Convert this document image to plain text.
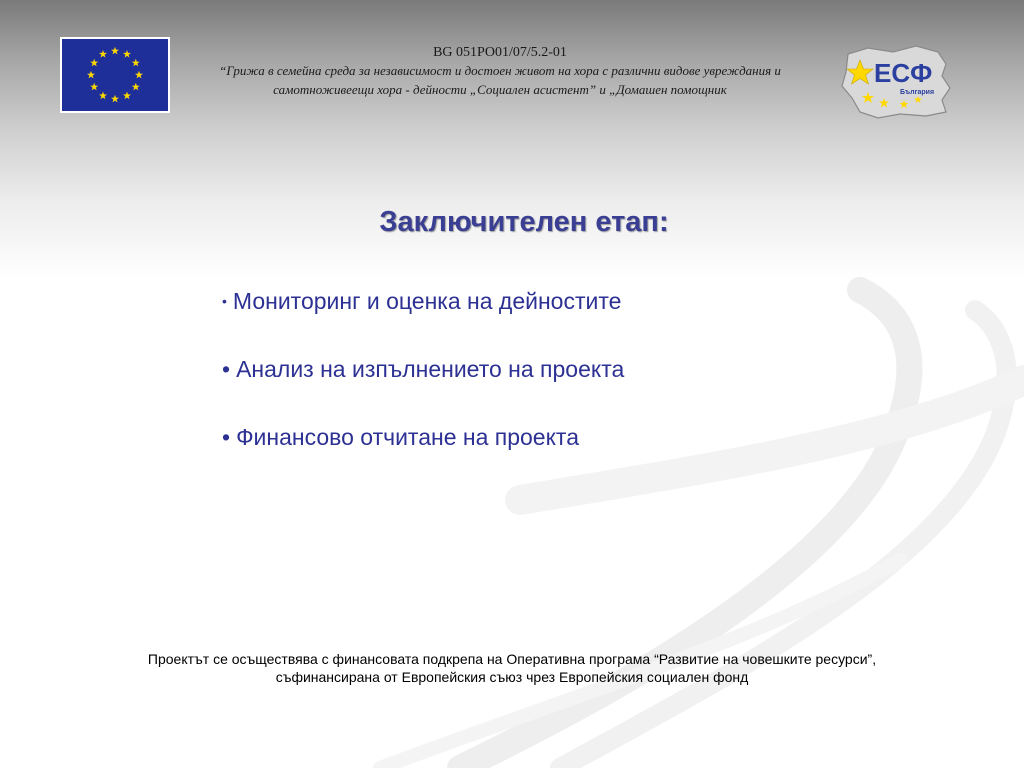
BG 051PO01/07/5.2-01
“Грижа в семейна среда за независимост и достоен живот на хора с различни видове увреждания и
самотноживеещи хора - дейности „Социален асистент” и „Домашен помощник
ЕСФ
България
Заключителен етап:
• Мониторинг и оценка на дейностите
• Анализ на изпълнението на проекта
• Финансово отчитане на проекта
Проектът се осъществява с финансовата подкрепа на Оперативна програма “Развитие на човешките ресурси”,
съфинансирана от Европейския съюз чрез Европейския социален фонд
